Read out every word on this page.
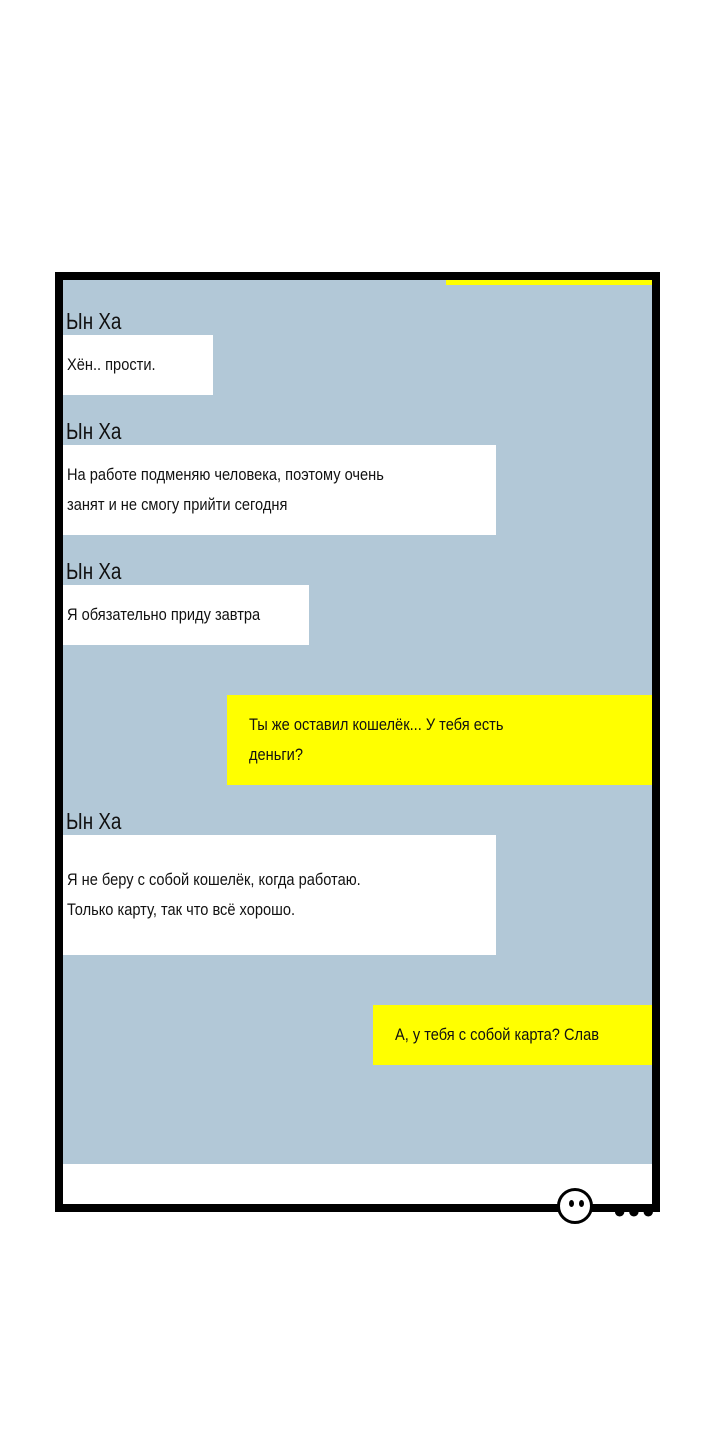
Ын Ха
Хён.. прости.
Ын Ха
На работе подменяю человека, поэтому очень
занят и не смогу прийти сегодня
Ын Ха
Я обязательно приду завтра
Ты же оставил кошелёк... У тебя есть
деньги?
Ын Ха
Я не беру с собой кошелёк, когда работаю.
Только карту, так что всё хорошо.
А, у тебя с собой карта? Слав
●●●
